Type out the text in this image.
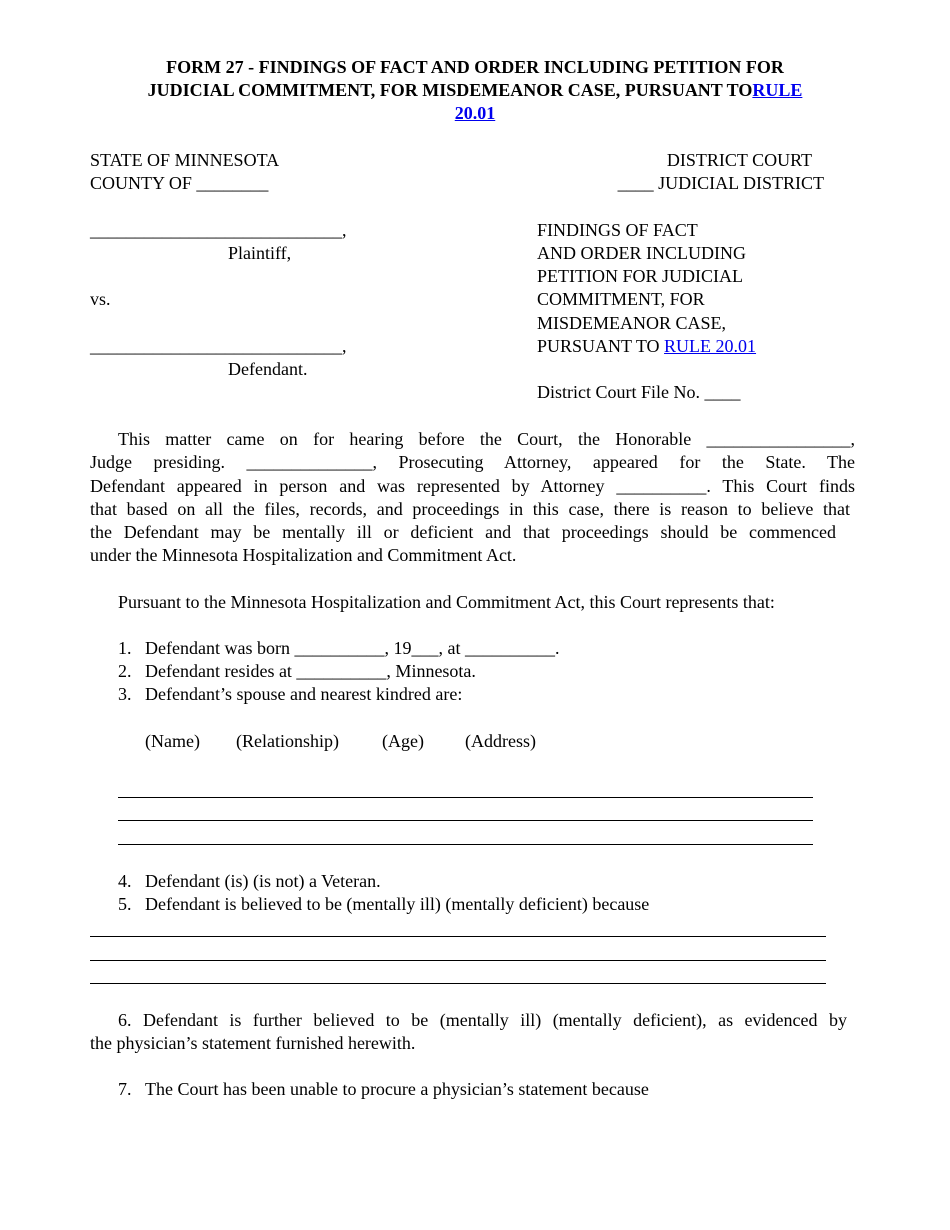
FORM 27 - FINDINGS OF FACT AND ORDER INCLUDING PETITION FOR
JUDICIAL COMMITMENT, FOR MISDEMEANOR CASE, PURSUANT TORULE
20.01
STATE OF MINNESOTA
COUNTY OF ________
DISTRICT COURT
____ JUDICIAL DISTRICT
____________________________,
Plaintiff,
vs.
____________________________,
Defendant.
FINDINGS OF FACT
AND ORDER INCLUDING
PETITION FOR JUDICIAL
COMMITMENT, FOR
MISDEMEANOR CASE,
PURSUANT TO RULE 20.01
District Court File No. ____
This matter came on for hearing before the Court, the Honorable ________________,
Judge presiding. ______________, Prosecuting Attorney, appeared for the State. The
Defendant appeared in person and was represented by Attorney __________. This Court finds
that based on all the files, records, and proceedings in this case, there is reason to believe that
the Defendant may be mentally ill or deficient and that proceedings should be commenced
under the Minnesota Hospitalization and Commitment Act.
Pursuant to the Minnesota Hospitalization and Commitment Act, this Court represents that:
1. Defendant was born __________, 19___, at __________.
2. Defendant resides at __________, Minnesota.
3. Defendant’s spouse and nearest kindred are:
(Name) (Relationship) (Age) (Address)
4. Defendant (is) (is not) a Veteran.
5. Defendant is believed to be (mentally ill) (mentally deficient) because
6. Defendant is further believed to be (mentally ill) (mentally deficient), as evidenced by
the physician’s statement furnished herewith.
7. The Court has been unable to procure a physician’s statement because
